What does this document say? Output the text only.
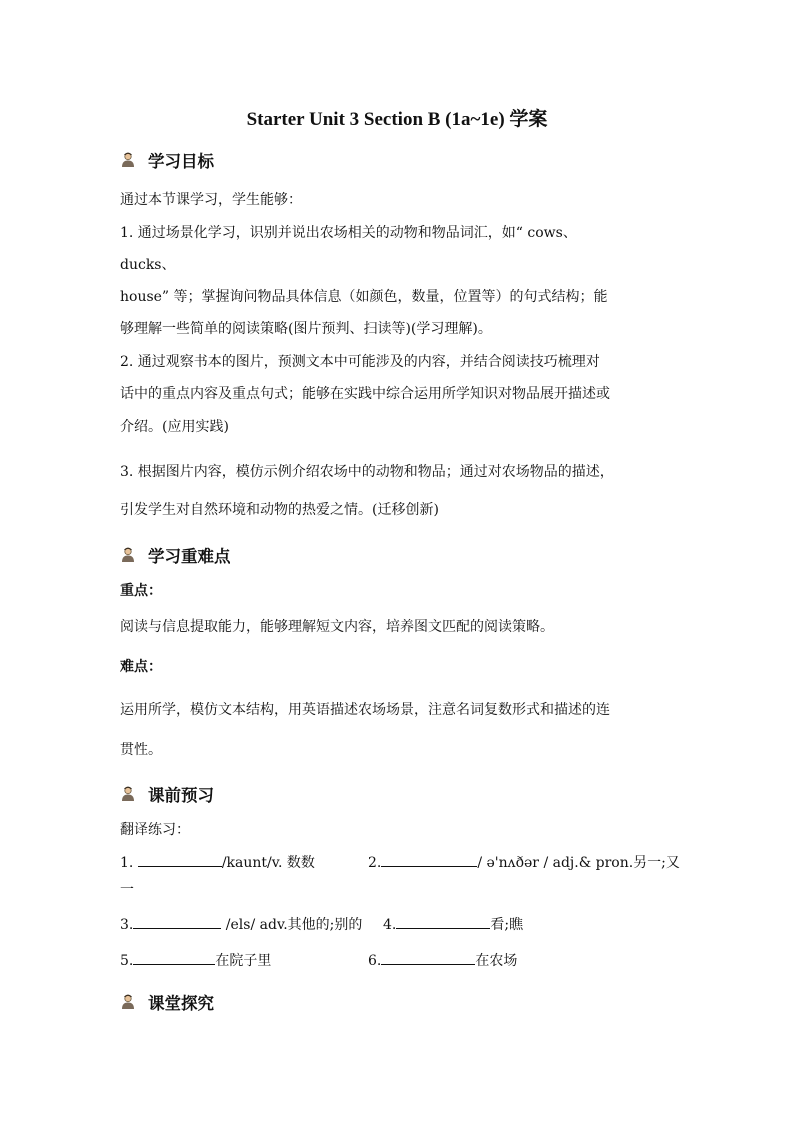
Starter Unit 3 Section B (1a~1e) 学案
学习目标
通过本节课学习，学生能够：
1. 通过场景化学习，识别并说出农场相关的动物和物品词汇，如“ cows、
ducks、
house” 等；掌握询问物品具体信息（如颜色，数量，位置等）的句式结构；能
够理解一些简单的阅读策略(图片预判、扫读等)(学习理解)。
2. 通过观察书本的图片，预测文本中可能涉及的内容，并结合阅读技巧梳理对
话中的重点内容及重点句式；能够在实践中综合运用所学知识对物品展开描述或
介绍。(应用实践)
3. 根据图片内容，模仿示例介绍农场中的动物和物品；通过对农场物品的描述，
引发学生对自然环境和动物的热爱之情。(迁移创新)
学习重难点
重点：
阅读与信息提取能力，能够理解短文内容，培养图文匹配的阅读策略。
难点：
运用所学，模仿文本结构，用英语描述农场场景，注意名词复数形式和描述的连
贯性。
课前预习
翻译练习：
1.	/kaunt/v. 数数	2.	/ ə'nʌðər / adj.& pron.另一;又
一
3.	/els/ adv.其他的;别的 4.	看;瞧
5.	在院子里	6.	在农场
课堂探究
